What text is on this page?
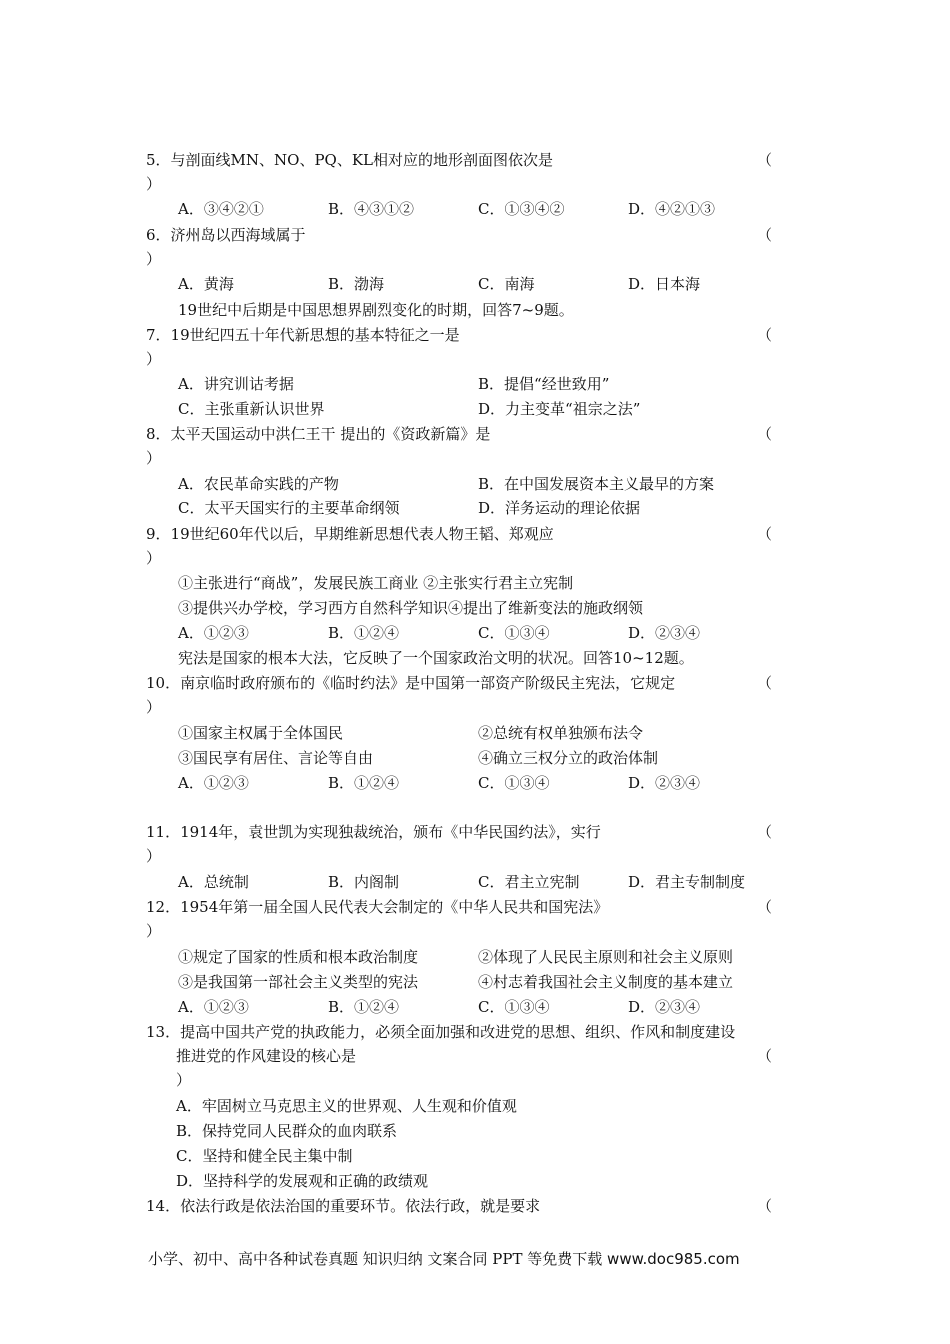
5．与剖面线MN、NO、PQ、KL相对应的地形剖面图依次是	（
）
A．③④②①	B．④③①②	C．①③④②	D．④②①③
6．济州岛以西海域属于	（
）
A．黄海	B．渤海	C．南海	D．日本海
19世纪中后期是中国思想界剧烈变化的时期，回答7~9题。
7．19世纪四五十年代新思想的基本特征之一是	（
）
A．讲究训诂考据	B．提倡“经世致用”
C．主张重新认识世界	D．力主变革“祖宗之法”
8．太平天国运动中洪仁王干 提出的《资政新篇》是	（
）
A．农民革命实践的产物	B．在中国发展资本主义最早的方案
C．太平天国实行的主要革命纲领	D．洋务运动的理论依据
9．19世纪60年代以后，早期维新思想代表人物王韬、郑观应	（
）
①主张进行“商战”，发展民族工商业 ②主张实行君主立宪制
③提供兴办学校，学习西方自然科学知识④提出了维新变法的施政纲领
A．①②③	B．①②④	C．①③④	D．②③④
宪法是国家的根本大法，它反映了一个国家政治文明的状况。回答10~12题。
10．南京临时政府颁布的《临时约法》是中国第一部资产阶级民主宪法，它规定	（
）
①国家主权属于全体国民	②总统有权单独颁布法令
③国民享有居住、言论等自由	④确立三权分立的政治体制
A．①②③	B．①②④	C．①③④	D．②③④
11．1914年，袁世凯为实现独裁统治，颁布《中华民国约法》，实行	（
）
A．总统制	B．内阁制	C．君主立宪制	D．君主专制制度
12．1954年第一届全国人民代表大会制定的《中华人民共和国宪法》	（
）
①规定了国家的性质和根本政治制度	②体现了人民民主原则和社会主义原则
③是我国第一部社会主义类型的宪法	④村志着我国社会主义制度的基本建立
A．①②③	B．①②④	C．①③④	D．②③④
13．提高中国共产党的执政能力，必须全面加强和改进党的思想、组织、作风和制度建设
推进党的作风建设的核心是	（
）
A．牢固树立马克思主义的世界观、人生观和价值观
B．保持党同人民群众的血肉联系
C．坚持和健全民主集中制
D．坚持科学的发展观和正确的政绩观
14．依法行政是依法治国的重要环节。依法行政，就是要求	（
小学、初中、高中各种试卷真题 知识归纳 文案合同 PPT 等免费下载 www.doc985.com
